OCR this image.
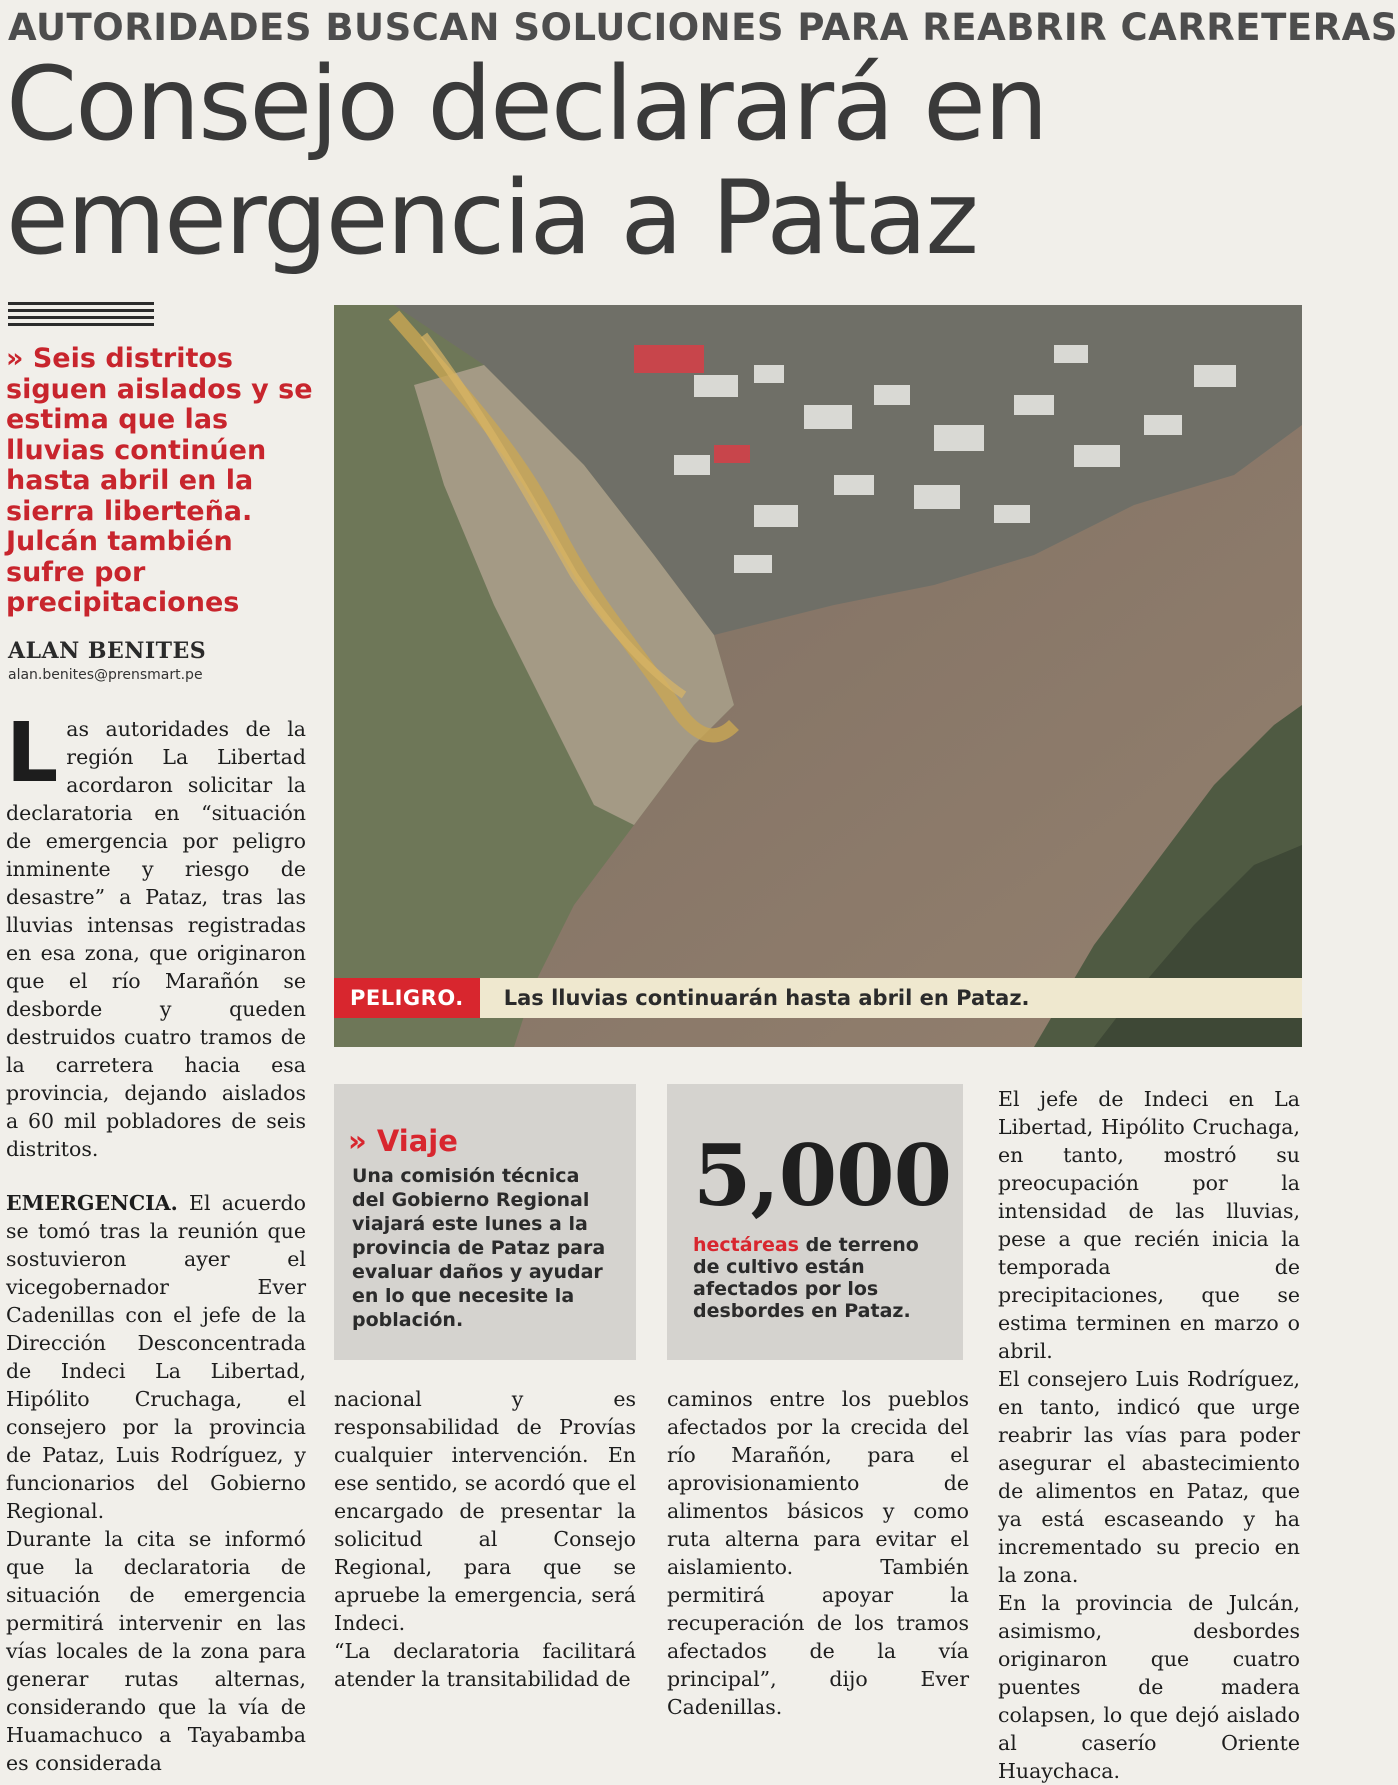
AUTORIDADES BUSCAN SOLUCIONES PARA REABRIR CARRETERAS
Consejo declarará en
emergencia a Pataz
» Seis distritos siguen aislados y se estima que las lluvias continúen hasta abril en la sierra liberteña. Julcán también sufre por precipitaciones
ALAN BENITES
alan.benites@prensmart.pe

Las autoridades de la región La Libertad acordaron solicitar la declaratoria en “situación de emergencia por peligro inminente y riesgo de desastre” a Pataz, tras las lluvias intensas registradas en esa zona, que originaron que el río Marañón se desborde y queden destruidos cuatro tramos de la carretera hacia esa provincia, dejando aislados a 60 mil pobladores de seis distritos.

EMERGENCIA. El acuerdo se tomó tras la reunión que sostuvieron ayer el vicegobernador Ever Cadenillas con el jefe de la Dirección Desconcentrada de Indeci La Libertad, Hipólito Cruchaga, el consejero por la provincia de Pataz, Luis Rodríguez, y funcionarios del Gobierno Regional.

Durante la cita se informó que la declaratoria de situación de emergencia permitirá intervenir en las vías locales de la zona para generar rutas alternas, considerando que la vía de Huamachuco a Tayabamba es considerada

PELIGRO.	Las lluvias continuarán hasta abril en Pataz.
» Viaje
Una comisión técnica del Gobierno Regional viajará este lunes a la provincia de Pataz para evaluar daños y ayudar en lo que necesite la población.
5,000
hectáreas de terreno de cultivo están afectados por los desbordes en Pataz.

nacional y es responsabilidad de Provías cualquier intervención. En ese sentido, se acordó que el encargado de presentar la solicitud al Consejo Regional, para que se apruebe la emergencia, será Indeci.

“La declaratoria facilitará atender la transitabilidad de

caminos entre los pueblos afectados por la crecida del río Marañón, para el aprovisionamiento de alimentos básicos y como ruta alterna para evitar el aislamiento. También permitirá apoyar la recuperación de los tramos afectados de la vía principal”, dijo Ever Cadenillas.

El jefe de Indeci en La Libertad, Hipólito Cruchaga, en tanto, mostró su preocupación por la intensidad de las lluvias, pese a que recién inicia la temporada de precipitaciones, que se estima terminen en marzo o abril.

El consejero Luis Rodríguez, en tanto, indicó que urge reabrir las vías para poder asegurar el abastecimiento de alimentos en Pataz, que ya está escaseando y ha incrementado su precio en la zona.

En la provincia de Julcán, asimismo, desbordes originaron que cuatro puentes de madera colapsen, lo que dejó aislado al caserío Oriente Huaychaca.
